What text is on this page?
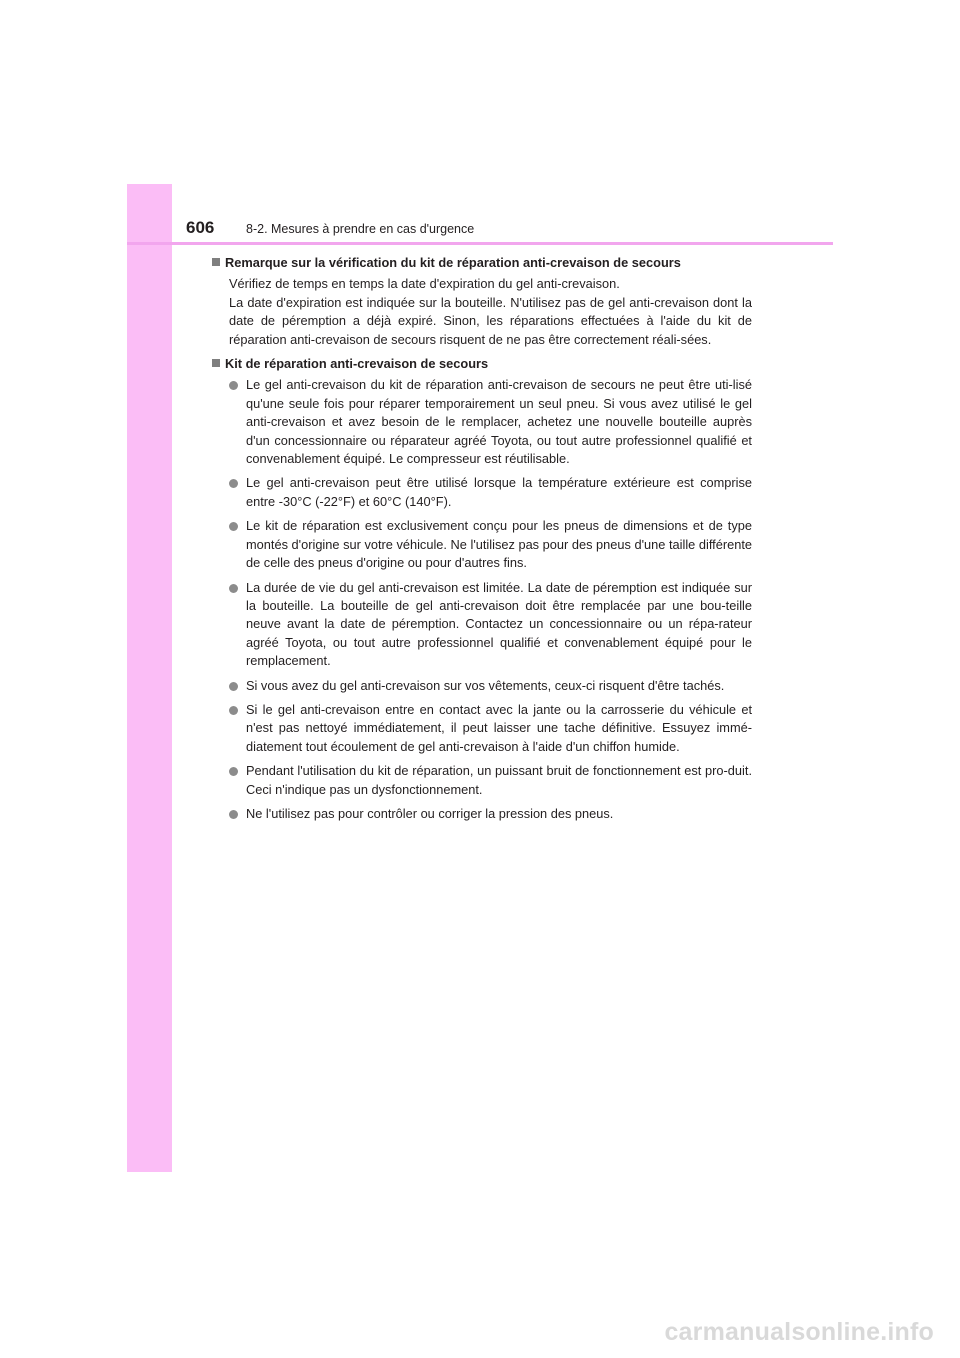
606	8-2. Mesures à prendre en cas d'urgence
Remarque sur la vérification du kit de réparation anti-crevaison de secours
Vérifiez de temps en temps la date d'expiration du gel anti-crevaison.
La date d'expiration est indiquée sur la bouteille. N'utilisez pas de gel anti-crevaison dont la date de péremption a déjà expiré. Sinon, les réparations effectuées à l'aide du kit de réparation anti-crevaison de secours risquent de ne pas être correctement réali-sées.
Kit de réparation anti-crevaison de secours
Le gel anti-crevaison du kit de réparation anti-crevaison de secours ne peut être uti-lisé qu'une seule fois pour réparer temporairement un seul pneu. Si vous avez utilisé le gel anti-crevaison et avez besoin de le remplacer, achetez une nouvelle bouteille auprès d'un concessionnaire ou réparateur agréé Toyota, ou tout autre professionnel qualifié et convenablement équipé. Le compresseur est réutilisable.
Le gel anti-crevaison peut être utilisé lorsque la température extérieure est comprise entre -30°C (-22°F) et 60°C (140°F).
Le kit de réparation est exclusivement conçu pour les pneus de dimensions et de type montés d'origine sur votre véhicule. Ne l'utilisez pas pour des pneus d'une taille différente de celle des pneus d'origine ou pour d'autres fins.
La durée de vie du gel anti-crevaison est limitée. La date de péremption est indiquée sur la bouteille. La bouteille de gel anti-crevaison doit être remplacée par une bou-teille neuve avant la date de péremption. Contactez un concessionnaire ou un répa-rateur agréé Toyota, ou tout autre professionnel qualifié et convenablement équipé pour le remplacement.
Si vous avez du gel anti-crevaison sur vos vêtements, ceux-ci risquent d'être tachés.
Si le gel anti-crevaison entre en contact avec la jante ou la carrosserie du véhicule et n'est pas nettoyé immédiatement, il peut laisser une tache définitive. Essuyez immé-diatement tout écoulement de gel anti-crevaison à l'aide d'un chiffon humide.
Pendant l'utilisation du kit de réparation, un puissant bruit de fonctionnement est pro-duit. Ceci n'indique pas un dysfonctionnement.
Ne l'utilisez pas pour contrôler ou corriger la pression des pneus.
carmanualsonline.info
